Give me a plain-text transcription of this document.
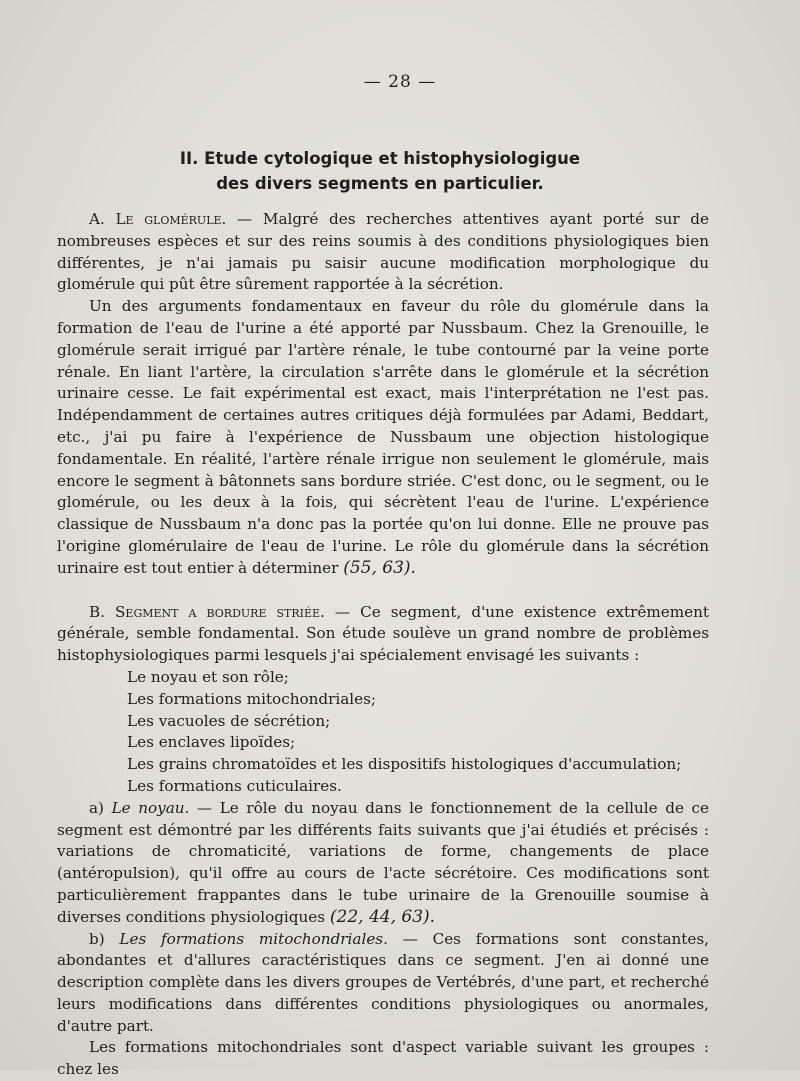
— 28 —
II. Etude cytologique et histophysiologigue
des divers segments en particulier.

A. Le glomérule. — Malgré des recherches attentives ayant porté sur de nombreuses espèces et sur des reins soumis à des conditions physiologiques bien différentes, je n'ai jamais pu saisir aucune modification morphologique du glomérule qui pût être sûrement rapportée à la sécrétion.

Un des arguments fondamentaux en faveur du rôle du glomérule dans la formation de l'eau de l'urine a été apporté par Nussbaum. Chez la Grenouille, le glomérule serait irrigué par l'artère rénale, le tube contourné par la veine porte rénale. En liant l'artère, la circulation s'arrête dans le glomérule et la sécrétion urinaire cesse. Le fait expérimental est exact, mais l'interprétation ne l'est pas. Indépendamment de certaines autres critiques déjà formulées par Adami, Beddart, etc., j'ai pu faire à l'expérience de Nussbaum une objection histologique fondamentale. En réalité, l'artère rénale irrigue non seulement le glomérule, mais encore le segment à bâtonnets sans bordure striée. C'est donc, ou le segment, ou le glomérule, ou les deux à la fois, qui sécrètent l'eau de l'urine. L'expérience classique de Nussbaum n'a donc pas la portée qu'on lui donne. Elle ne prouve pas l'origine glomérulaire de l'eau de l'urine. Le rôle du glomérule dans la sécrétion urinaire est tout entier à déterminer (55, 63).

B. Segment a bordure striée. — Ce segment, d'une existence extrêmement générale, semble fondamental. Son étude soulève un grand nombre de problèmes histophysiologiques parmi lesquels j'ai spécialement envisagé les suivants :

Le noyau et son rôle;
Les formations mitochondriales;
Les vacuoles de sécrétion;
Les enclaves lipoïdes;
Les grains chromatoïdes et les dispositifs histologiques d'accumulation;
Les formations cuticulaires.

a) Le noyau. — Le rôle du noyau dans le fonctionnement de la cellule de ce segment est démontré par les différents faits suivants que j'ai étudiés et précisés : variations de chromaticité, variations de forme, changements de place (antéropulsion), qu'il offre au cours de l'acte sécrétoire. Ces modifications sont particulièrement frappantes dans le tube urinaire de la Grenouille soumise à diverses conditions physiologiques (22, 44, 63).

b) Les formations mitochondriales. — Ces formations sont constantes, abondantes et d'allures caractéristiques dans ce segment. J'en ai donné une description complète dans les divers groupes de Vertébrés, d'une part, et recherché leurs modifications dans différentes conditions physiologiques ou anormales, d'autre part.

Les formations mitochondriales sont d'aspect variable suivant les groupes : chez les
